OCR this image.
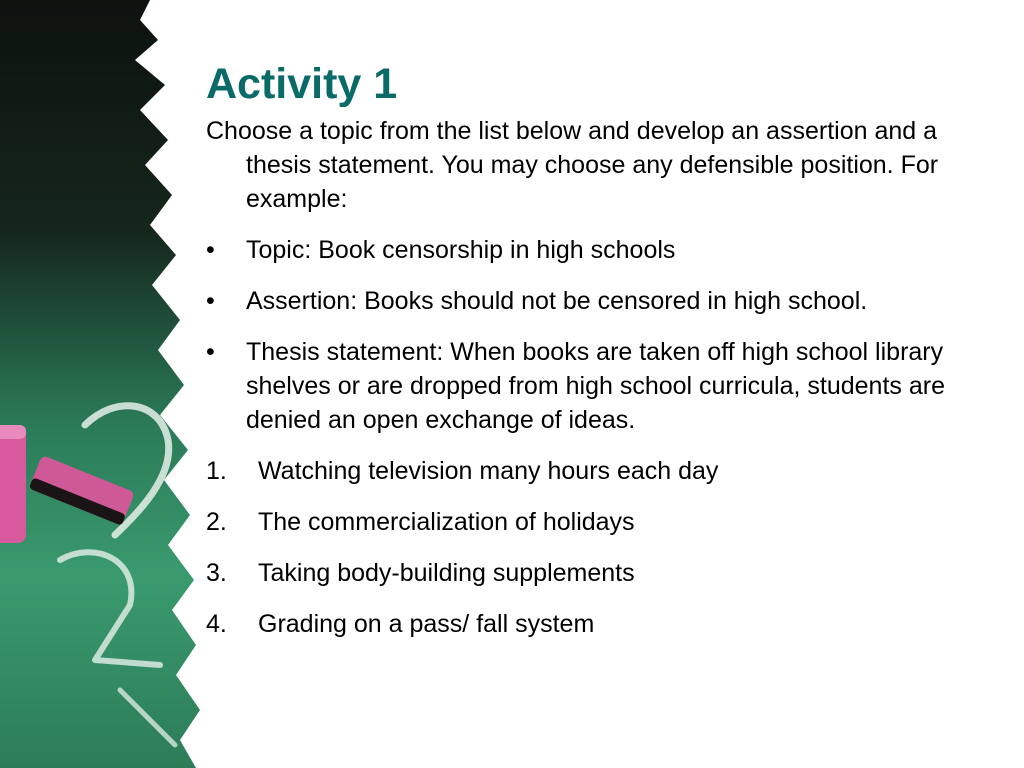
Activity 1

Choose a topic from the list below and develop an assertion and a thesis statement. You may choose any defensible position. For example:

• Topic: Book censorship in high schools
• Assertion: Books should not be censored in high school.
• Thesis statement: When books are taken off high school library shelves or are dropped from high school curricula, students are denied an open exchange of ideas.
1. Watching television many hours each day
2. The commercialization of holidays
3. Taking body-building supplements
4. Grading on a pass/ fall system
